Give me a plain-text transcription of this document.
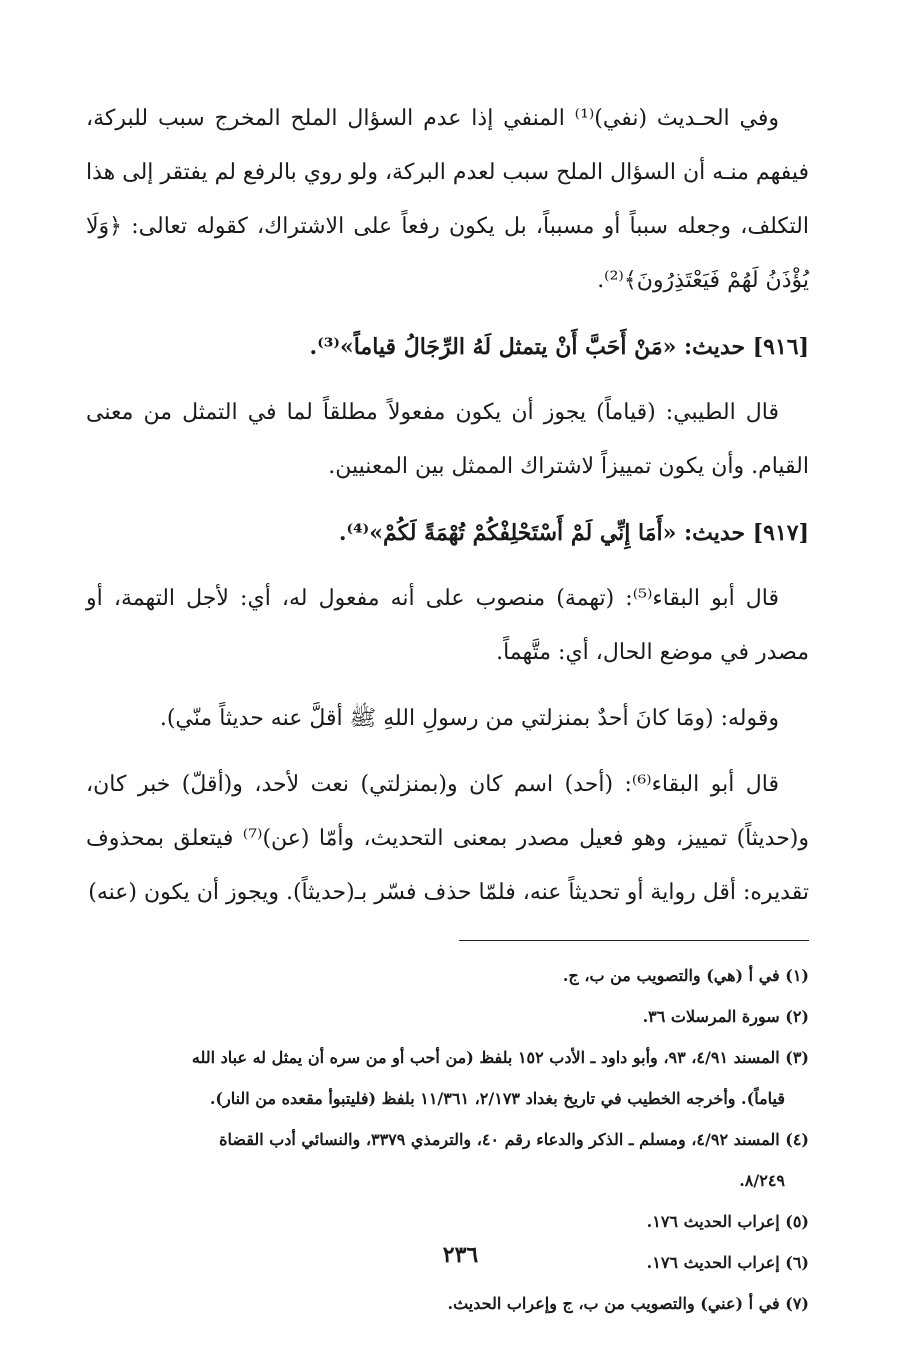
وفي الحـديث (نفي)⁽¹⁾ المنفي إذا عدم السؤال الملح المخرج سبب للبركة، فيفهم منـه أن السؤال الملح سبب لعدم البركة، ولو روي بالرفع لم يفتقر إلى هذا التكلف، وجعله سبباً أو مسبباً، بل يكون رفعاً على الاشتراك، كقوله تعالى: ﴿وَلَا يُؤْذَنُ لَهُمْ فَيَعْتَذِرُونَ﴾⁽²⁾.

[٩١٦] حديث: «مَنْ أَحَبَّ أَنْ يتمثل لَهُ الرِّجَالُ قياماً»⁽³⁾.

قال الطيبي: (قياماً) يجوز أن يكون مفعولاً مطلقاً لما في التمثل من معنى القيام. وأن يكون تمييزاً لاشتراك الممثل بين المعنيين.

[٩١٧] حديث: «أَمَا إِنِّي لَمْ أَسْتَحْلِفْكُمْ تُهْمَةً لَكُمْ»⁽⁴⁾.

قال أبو البقاء⁽⁵⁾: (تهمة) منصوب على أنه مفعول له، أي: لأجل التهمة، أو مصدر في موضع الحال، أي: متَّهماً.

وقوله: (ومَا كانَ أحدٌ بمنزلتي من رسولِ اللهِ ﷺ أقلَّ عنه حديثاً منّي).

قال أبو البقاء⁽⁶⁾: (أحد) اسم كان و(بمنزلتي) نعت لأحد، و(أقلّ) خبر كان، و(حديثاً) تمييز، وهو فعيل مصدر بمعنى التحديث، وأمّا (عن)⁽⁷⁾ فيتعلق بمحذوف تقديره: أقل رواية أو تحديثاً عنه، فلمّا حذف فسّر بـ(حديثاً). ويجوز أن يكون (عنه)

(١) في أ (هي) والتصويب من ب، ج.

(٢) سورة المرسلات ٣٦.

(٣) المسند ٤/٩١، ٩٣، وأبو داود ـ الأدب ١٥٢ بلفظ (من أحب أو من سره أن يمثل له عباد الله

قياماً). وأخرجه الخطيب في تاريخ بغداد ٢/١٧٣، ١١/٣٦١ بلفظ (فليتبوأ مقعده من النار).

(٤) المسند ٤/٩٢، ومسلم ـ الذكر والدعاء رقم ٤٠، والترمذي ٣٣٧٩، والنسائي أدب القضاة

٨/٢٤٩.

(٥) إعراب الحديث ١٧٦.

(٦) إعراب الحديث ١٧٦.

(٧) في أ (عني) والتصويب من ب، ج وإعراب الحديث.

٢٣٦
